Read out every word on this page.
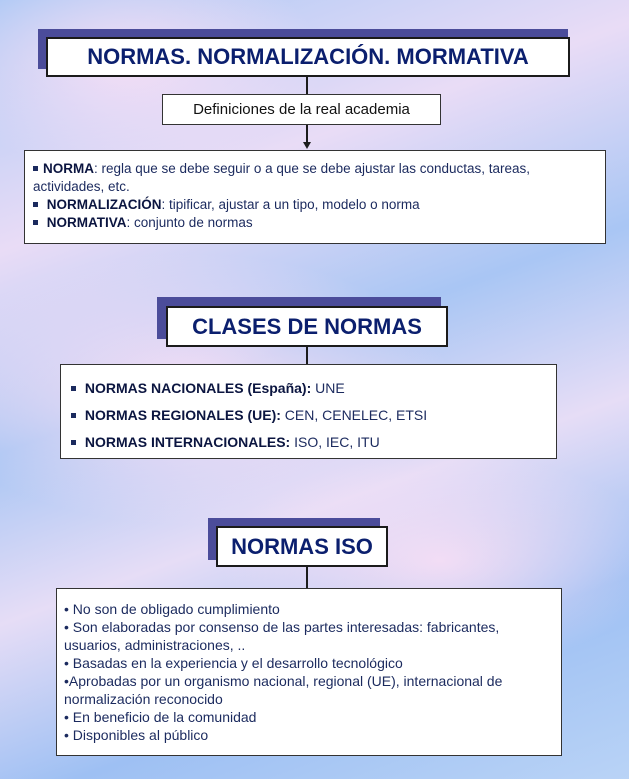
NORMAS. NORMALIZACIÓN. MORMATIVA
Definiciones de la real academia
NORMA: regla que se debe seguir o a que se debe ajustar las conductas, tareas,
actividades, etc.
NORMALIZACIÓN: tipificar, ajustar a un tipo, modelo o norma
NORMATIVA: conjunto de normas
CLASES DE NORMAS
NORMAS NACIONALES (España): UNE
NORMAS REGIONALES (UE): CEN, CENELEC, ETSI
NORMAS INTERNACIONALES: ISO, IEC, ITU
NORMAS ISO
• No son de obligado cumplimiento
• Son elaboradas por consenso de las partes interesadas: fabricantes,
usuarios, administraciones, ..
• Basadas en la experiencia y el desarrollo tecnológico
•Aprobadas por un organismo nacional, regional (UE), internacional de
normalización reconocido
• En beneficio de la comunidad
• Disponibles al público
